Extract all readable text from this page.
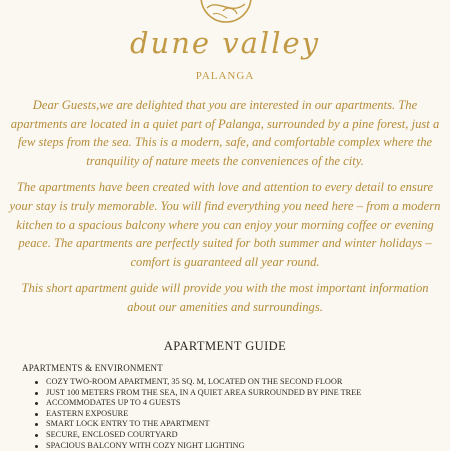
dune valley
PALANGA

Dear Guests,we are delighted that you are interested in our apartments. The apartments are located in a quiet part of Palanga, surrounded by a pine forest, just a few steps from the sea. This is a modern, safe, and comfortable complex where the tranquility of nature meets the conveniences of the city.

The apartments have been created with love and attention to every detail to ensure your stay is truly memorable. You will find everything you need here – from a modern kitchen to a spacious balcony where you can enjoy your morning coffee or evening peace. The apartments are perfectly suited for both summer and winter holidays – comfort is guaranteed all year round.

This short apartment guide will provide you with the most important information about our amenities and surroundings.

APARTMENT GUIDE
APARTMENTS & ENVIRONMENT
COZY TWO-ROOM APARTMENT, 35 SQ. M, LOCATED ON THE SECOND FLOOR
JUST 100 METERS FROM THE SEA, IN A QUIET AREA SURROUNDED BY PINE TREE
ACCOMMODATES UP TO 4 GUESTS
EASTERN EXPOSURE
SMART LOCK ENTRY TO THE APARTMENT
SECURE, ENCLOSED COURTYARD
SPACIOUS BALCONY WITH COZY NIGHT LIGHTING
